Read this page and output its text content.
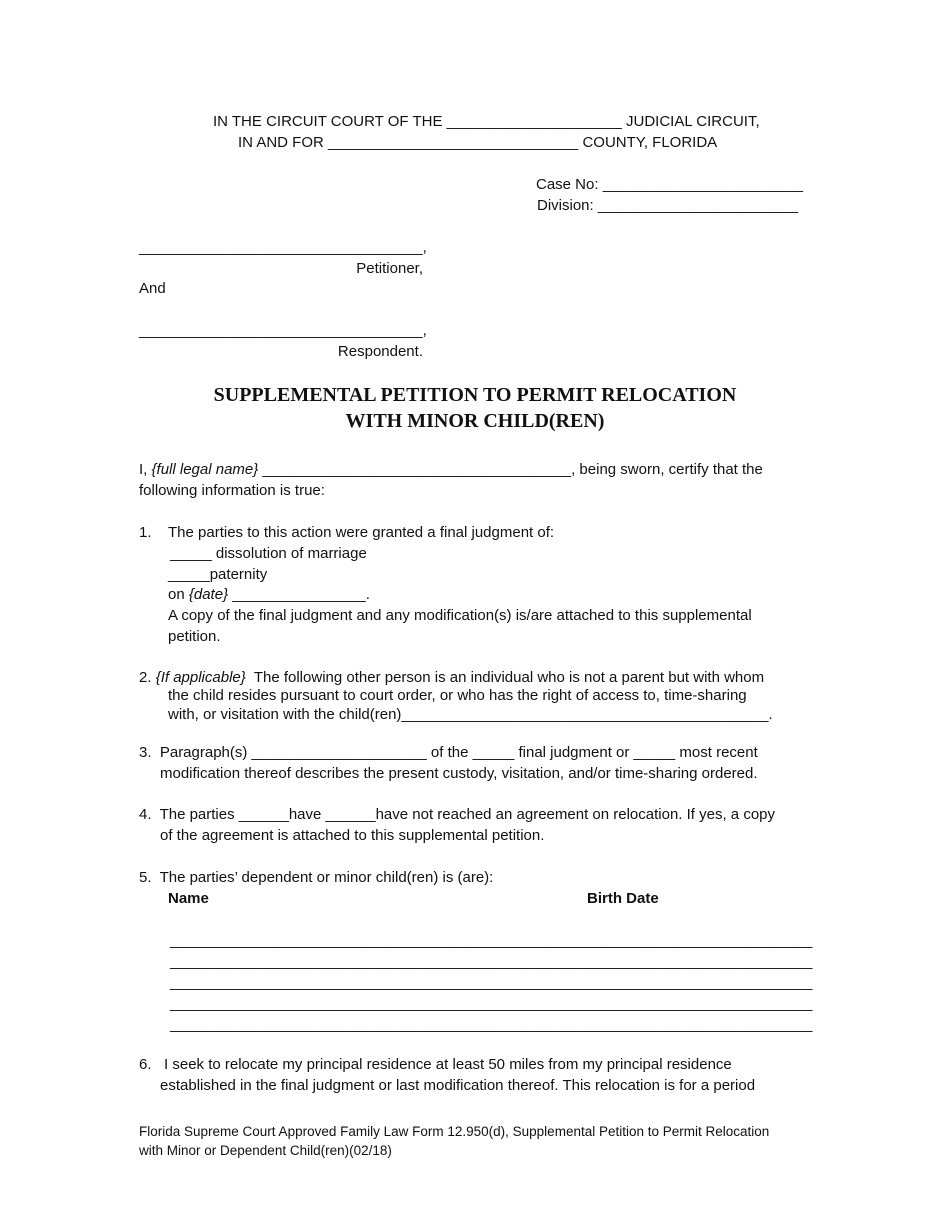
IN THE CIRCUIT COURT OF THE _____________________ JUDICIAL CIRCUIT,
IN AND FOR ______________________________ COUNTY, FLORIDA
Case No: ________________________
Division: ________________________
__________________________________,
Petitioner,
And
__________________________________,
Respondent.
SUPPLEMENTAL PETITION TO PERMIT RELOCATION
WITH MINOR CHILD(REN)
I, {full legal name} _____________________________________, being sworn, certify that the
following information is true:
1. The parties to this action were granted a final judgment of:
_____ dissolution of marriage
_____paternity
on {date} ________________.
A copy of the final judgment and any modification(s) is/are attached to this supplemental
petition.
2. {If applicable}  The following other person is an individual who is not a parent but with whom
the child resides pursuant to court order, or who has the right of access to, time-sharing
with, or visitation with the child(ren)____________________________________________.
3.  Paragraph(s) _____________________ of the _____ final judgment or _____ most recent
modification thereof describes the present custody, visitation, and/or time-sharing ordered.
4.  The parties ______have ______have not reached an agreement on relocation. If yes, a copy
of the agreement is attached to this supplemental petition.
5.  The parties’ dependent or minor child(ren) is (are):
Name	Birth Date
_____________________________________________________________________________
_____________________________________________________________________________
_____________________________________________________________________________
_____________________________________________________________________________
_____________________________________________________________________________
6.   I seek to relocate my principal residence at least 50 miles from my principal residence
established in the final judgment or last modification thereof. This relocation is for a period
Florida Supreme Court Approved Family Law Form 12.950(d), Supplemental Petition to Permit Relocation
with Minor or Dependent Child(ren)(02/18)
